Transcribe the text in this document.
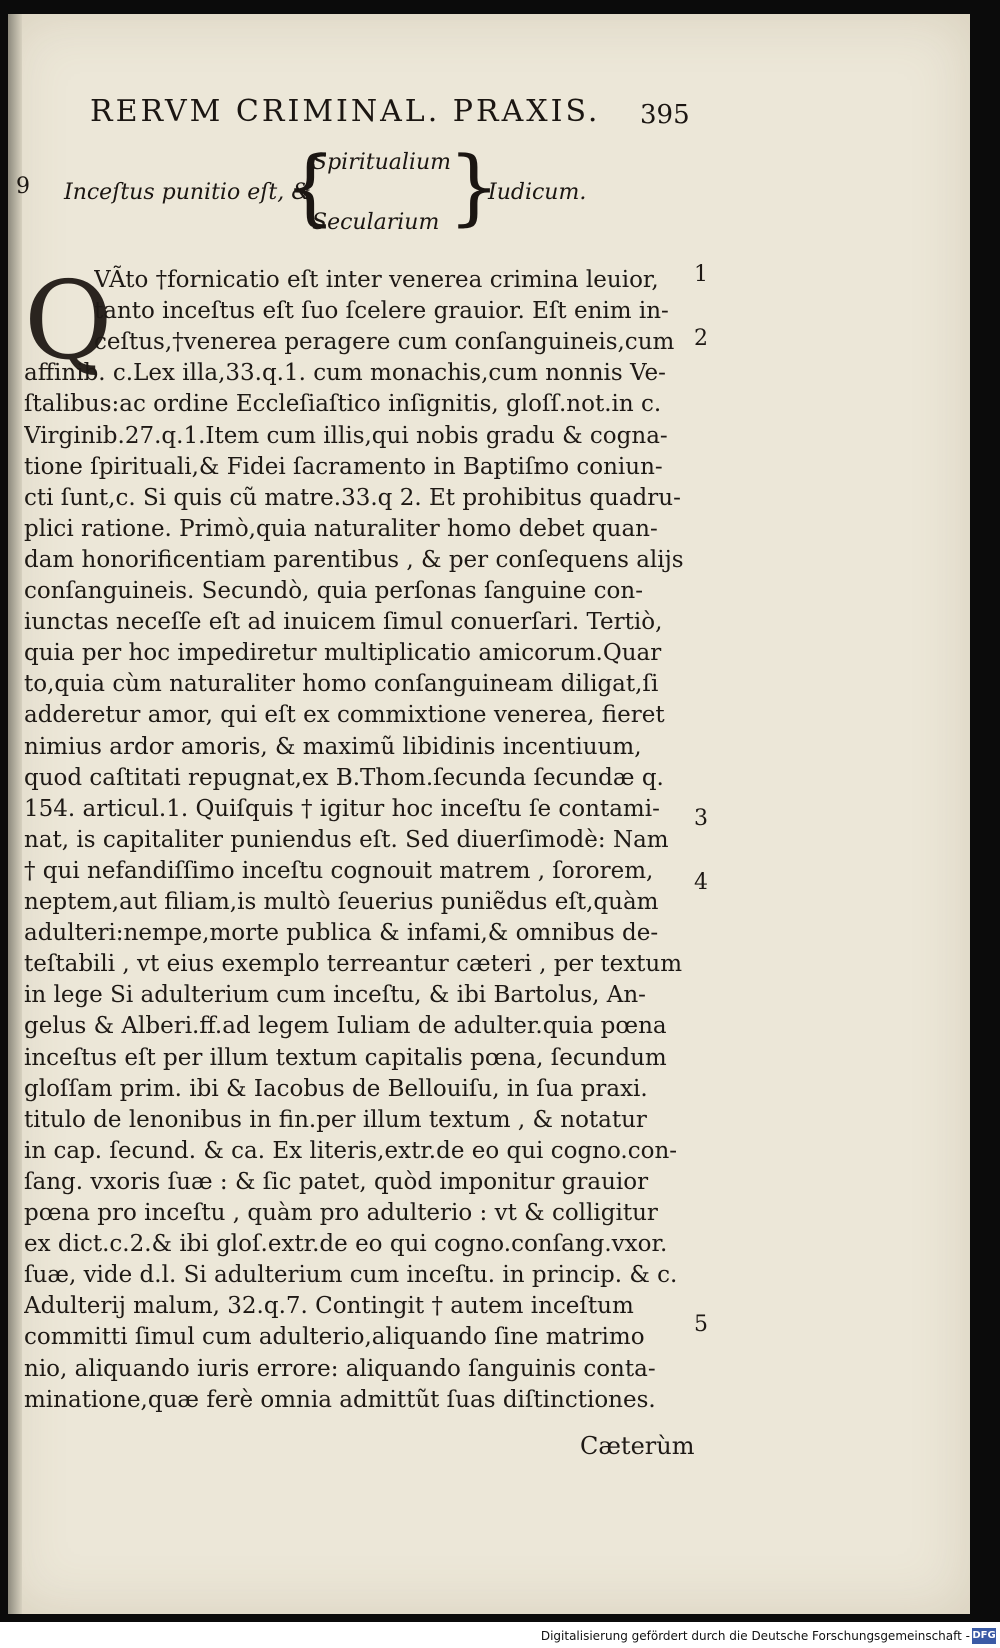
RERVM CRIMINAL. PRAXIS.	395
9 Inceſtus punitio eſt, &
{
Spiritualium
Secularium }
Iudicum.
Q
VÃto †fornicatio eſt inter venerea crimina leuior,
tanto inceſtus eſt ſuo ſcelere grauior. Eſt enim in-
ceſtus,†venerea peragere cum conſanguineis,cum
affinib. c.Lex illa,33.q.1. cum monachis,cum nonnis Ve-
ſtalibus:ac ordine Eccleſiaſtico inſignitis, gloſſ.not.in c.
Virginib.27.q.1.Item cum illis,qui nobis gradu & cogna-
tione ſpirituali,& Fidei ſacramento in Baptiſmo coniun-
cti ſunt,c. Si quis cũ matre.33.q 2. Et prohibitus quadru-
plici ratione. Primò,quia naturaliter homo debet quan-
dam honorificentiam parentibus , & per conſequens alijs
conſanguineis. Secundò, quia perſonas ſanguine con-
iunctas neceſſe eſt ad inuicem ſimul conuerſari. Tertiò,
quia per hoc impediretur multiplicatio amicorum.Quar
to,quia cùm naturaliter homo conſanguineam diligat,ſi
adderetur amor, qui eſt ex commixtione venerea, fieret
nimius ardor amoris, & maximũ libidinis incentiuum,
quod caſtitati repugnat,ex B.Thom.ſecunda ſecundæ q.
154. articul.1. Quiſquis † igitur hoc inceſtu ſe contami-
nat, is capitaliter puniendus eſt. Sed diuerſimodè: Nam
† qui nefandiſſimo inceſtu cognouit matrem , ſororem,
neptem,aut filiam,is multò ſeuerius puniẽdus eſt,quàm
adulteri:nempe,morte publica & infami,& omnibus de-
teſtabili , vt eius exemplo terreantur cæteri , per textum
in lege Si adulterium cum inceſtu, & ibi Bartolus, An-
gelus & Alberi.ff.ad legem Iuliam de adulter.quia pœna
inceſtus eſt per illum textum capitalis pœna, ſecundum
gloſſam prim. ibi & Iacobus de Bellouiſu, in ſua praxi.
titulo de lenonibus in fin.per illum textum , & notatur
in cap. ſecund. & ca. Ex literis,extr.de eo qui cogno.con-
ſang. vxoris ſuæ : & ſic patet, quòd imponitur grauior
pœna pro inceſtu , quàm pro adulterio : vt & colligitur
ex dict.c.2.& ibi gloſ.extr.de eo qui cogno.conſang.vxor.
ſuæ, vide d.l. Si adulterium cum inceſtu. in princip. & c.
Adulterij malum, 32.q.7. Contingit † autem inceſtum
committi ſimul cum adulterio,aliquando ſine matrimo
nio, aliquando iuris errore: aliquando ſanguinis conta-
minatione,quæ ferè omnia admittũt ſuas diſtinctiones.
1
2
3
4
5
Cæterùm
Digitalisierung gefördert durch die Deutsche Forschungsgemeinschaft - DFG
